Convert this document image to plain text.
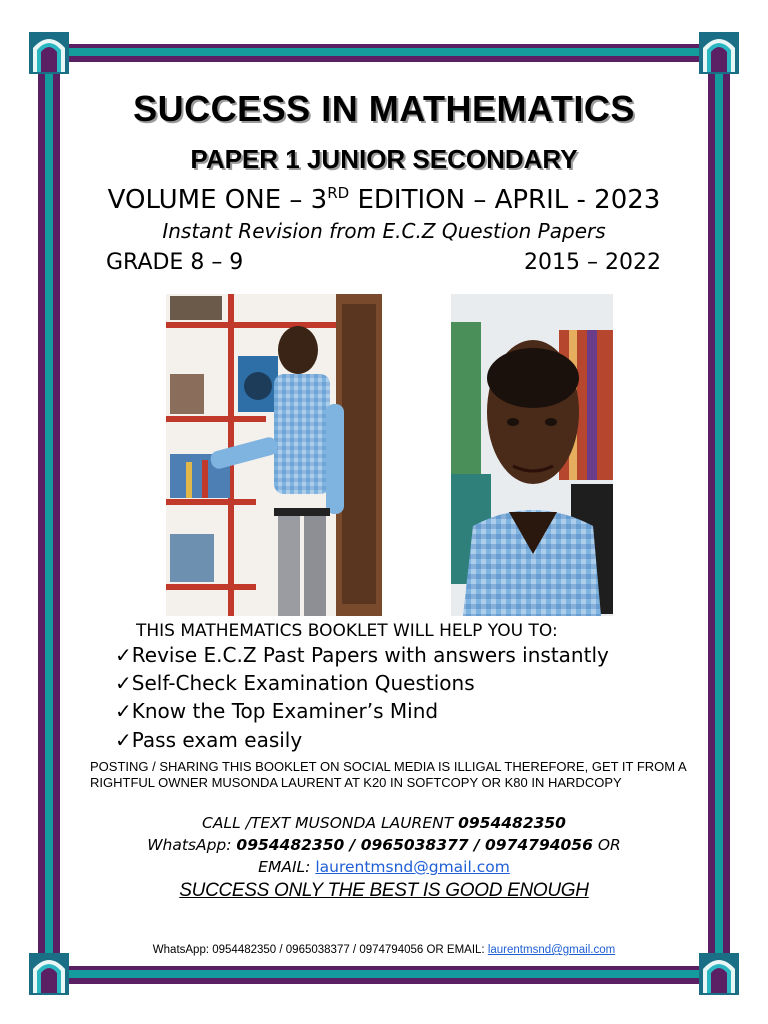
SUCCESS IN MATHEMATICS
PAPER 1 JUNIOR SECONDARY
VOLUME ONE – 3RD EDITION – APRIL - 2023
Instant Revision from E.C.Z Question Papers
GRADE 8 – 9	2015 – 2022
THIS MATHEMATICS BOOKLET WILL HELP YOU TO:
✓Revise E.C.Z Past Papers with answers instantly
✓Self-Check Examination Questions
✓Know the Top Examiner’s Mind
✓Pass exam easily
POSTING / SHARING THIS BOOKLET ON SOCIAL MEDIA IS ILLIGAL THEREFORE, GET IT FROM A RIGHTFUL OWNER MUSONDA LAURENT AT K20 IN SOFTCOPY OR K80 IN HARDCOPY
CALL /TEXT MUSONDA LAURENT 0954482350
WhatsApp: 0954482350 / 0965038377 / 0974794056 OR
EMAIL: laurentmsnd@gmail.com
SUCCESS ONLY THE BEST IS GOOD ENOUGH
WhatsApp: 0954482350 / 0965038377 / 0974794056 OR EMAIL: laurentmsnd@gmail.com
